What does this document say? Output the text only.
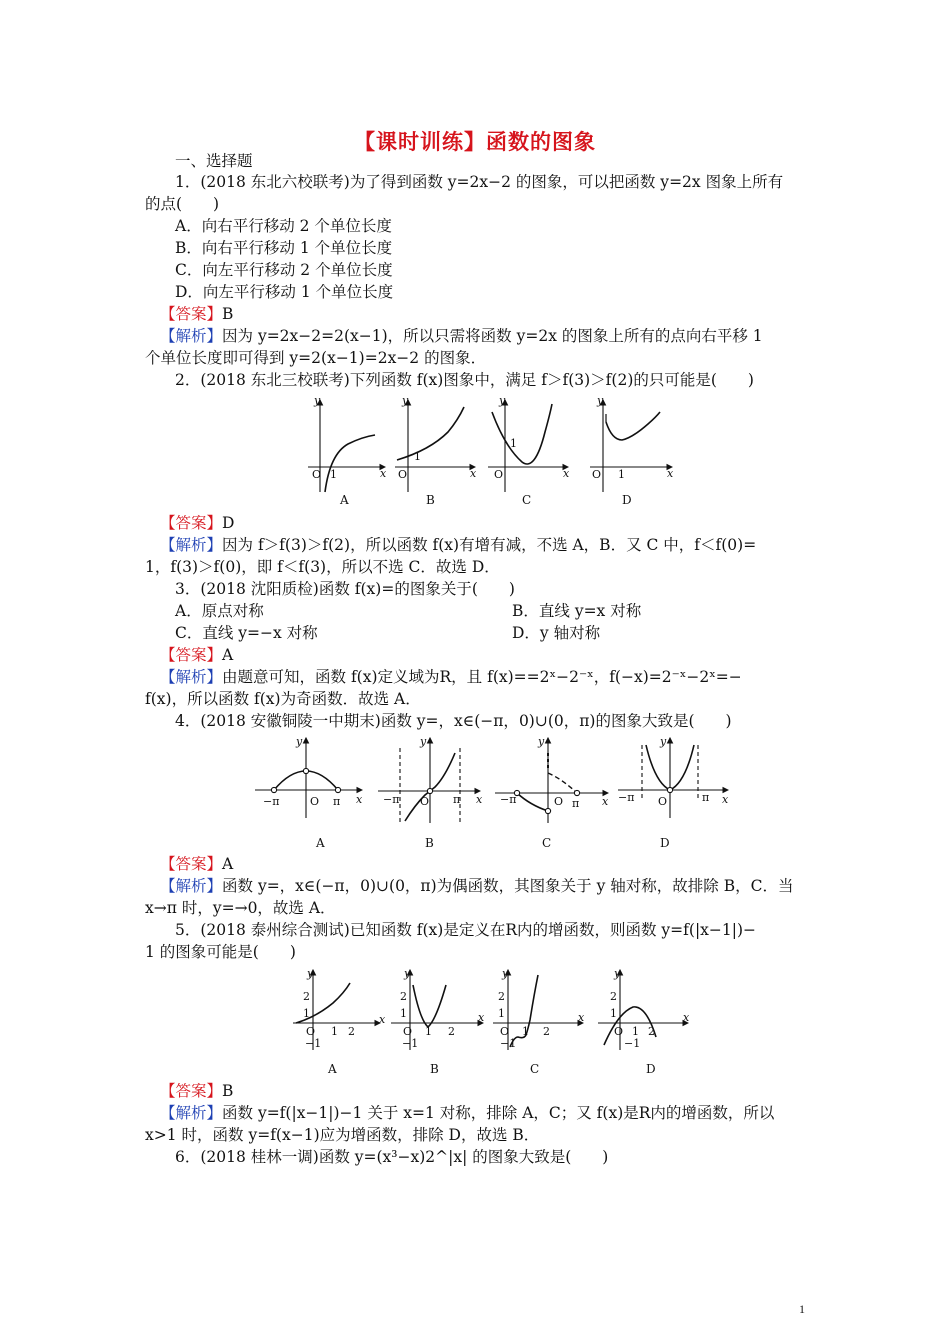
【课时训练】函数的图象
一、选择题
1．(2018 东北六校联考)为了得到函数 y=2x−2 的图象，可以把函数 y=2x 图象上所有
的点(　　)
A．向右平行移动 2 个单位长度
B．向右平行移动 1 个单位长度
C．向左平行移动 2 个单位长度
D．向左平行移动 1 个单位长度
【答案】B
【解析】因为 y=2x−2=2(x−1)，所以只需将函数 y=2x 的图象上所有的点向右平移 1
个单位长度即可得到 y=2(x−1)=2x−2 的图象．
2．(2018 东北三校联考)下列函数 f(x)图象中，满足 f＞f(3)＞f(2)的只可能是(　　)
y
x
O 1
y
x
O
1
y
x
O
1
y
x
O 1
A	B	C	D
【答案】D
【解析】因为 f＞f(3)＞f(2)，所以函数 f(x)有增有减，不选 A，B．又 C 中，f＜f(0)=
1，f(3)＞f(0)，即 f＜f(3)，所以不选 C．故选 D．
3．(2018 沈阳质检)函数 f(x)=的图象关于(　　)
A．原点对称	B．直线 y=x 对称
C．直线 y=−x 对称	D．y 轴对称
【答案】A
【解析】由题意可知，函数 f(x)定义域为R，且 f(x)==2ˣ−2⁻ˣ，f(−x)=2⁻ˣ−2ˣ=−
f(x)，所以函数 f(x)为奇函数．故选 A．
4．(2018 安徽铜陵一中期末)函数 y=，x∈(−π，0)∪(0，π)的图象大致是(　　)
y
x
O
−π	π
y
x
O
−π	π
y
x
O
−π	π
y
x
O
−π	π
A	B	C	D
【答案】A
【解析】函数 y=，x∈(−π，0)∪(0，π)为偶函数，其图象关于 y 轴对称，故排除 B，C．当
x→π 时，y=→0，故选 A．
5．(2018 泰州综合测试)已知函数 f(x)是定义在R内的增函数，则函数 y=f(|x−1|)−
1 的图象可能是(　　)
y
x
O
2
1
1 2
−1
y
x
O
2
1
1 2
−1
y
x
O
2
1
1 2
−1
y
x
O
2
1
1 2
−1
A	B	C	D
【答案】B
【解析】函数 y=f(|x−1|)−1 关于 x=1 对称，排除 A，C；又 f(x)是R内的增函数，所以
x>1 时，函数 y=f(x−1)应为增函数，排除 D，故选 B．
6．(2018 桂林一调)函数 y=(x³−x)2^|x| 的图象大致是(　　)
1
